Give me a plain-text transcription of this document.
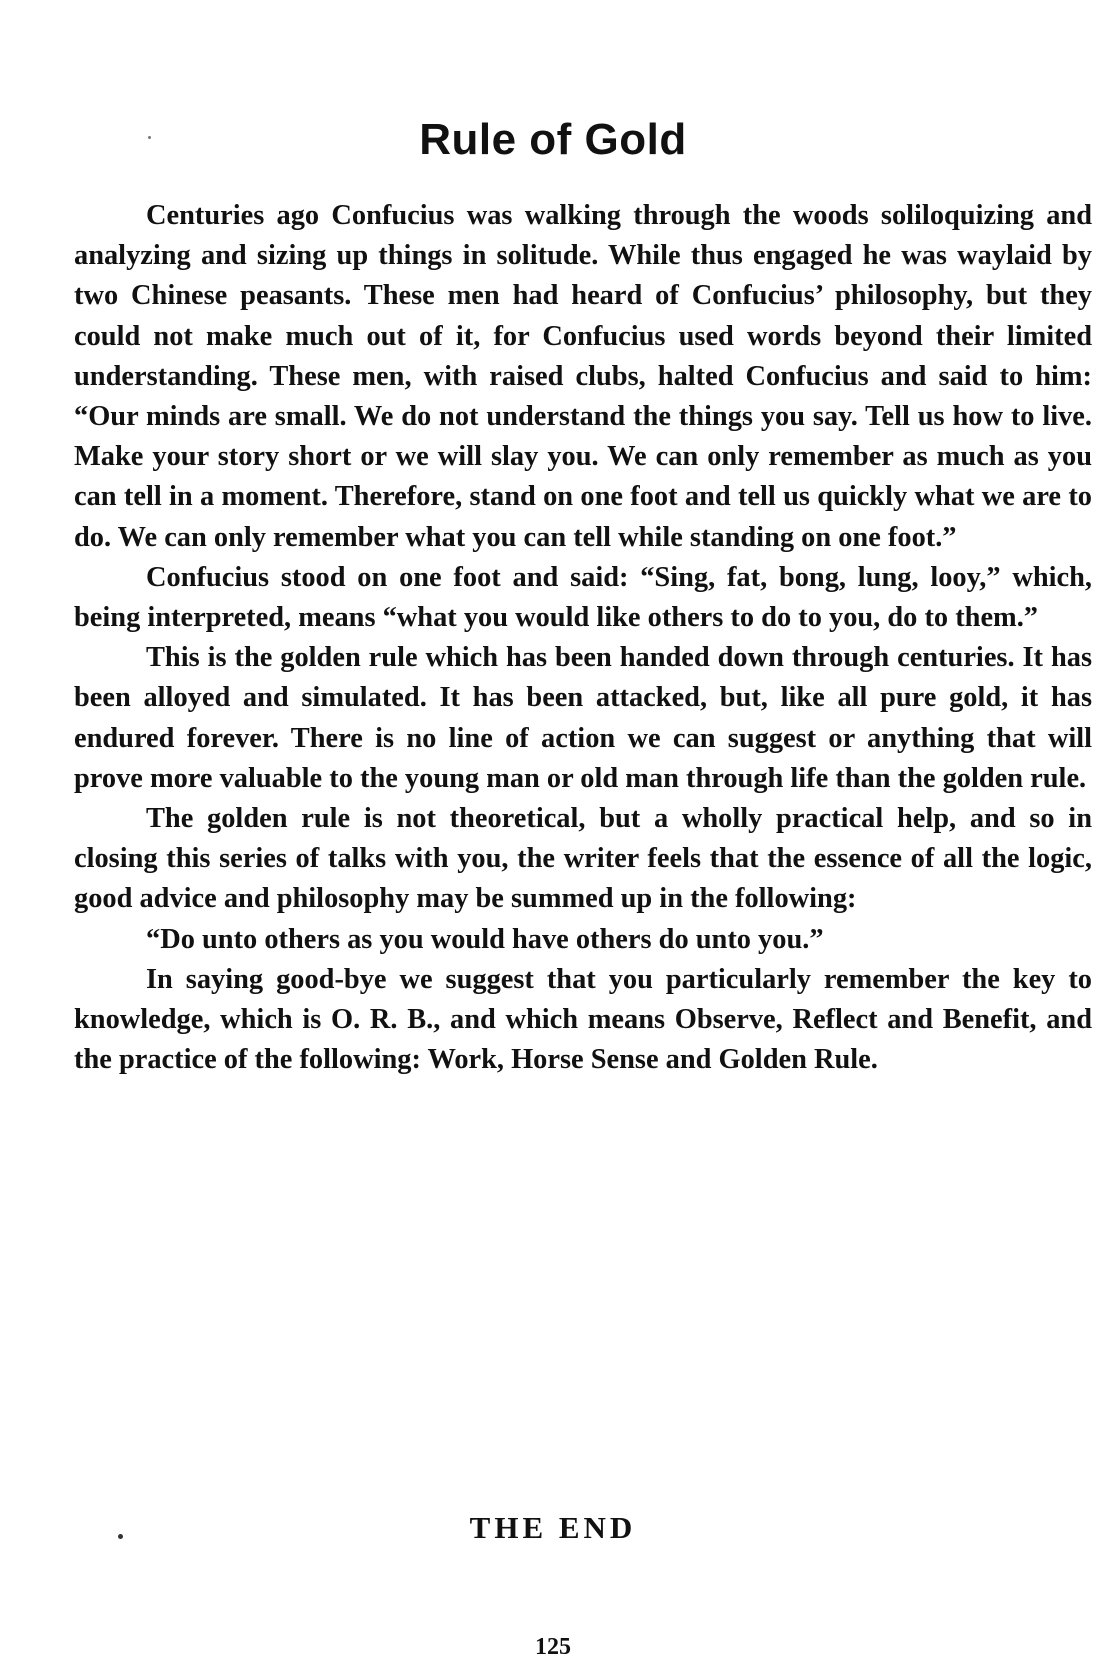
Rule of Gold

Centuries ago Confucius was walking through the woods soliloquizing and analyzing and sizing up things in solitude. While thus engaged he was waylaid by two Chinese peasants. These men had heard of Confucius’ philosophy, but they could not make much out of it, for Confucius used words beyond their limited understanding. These men, with raised clubs, halted Confucius and said to him: “Our minds are small. We do not understand the things you say. Tell us how to live. Make your story short or we will slay you. We can only remember as much as you can tell in a moment. Therefore, stand on one foot and tell us quickly what we are to do. We can only remember what you can tell while standing on one foot.”

Confucius stood on one foot and said: “Sing, fat, bong, lung, looy,” which, being interpreted, means “what you would like others to do to you, do to them.”

This is the golden rule which has been handed down through centuries. It has been alloyed and simulated. It has been attacked, but, like all pure gold, it has endured forever. There is no line of action we can suggest or anything that will prove more valuable to the young man or old man through life than the golden rule.

The golden rule is not theoretical, but a wholly practical help, and so in closing this series of talks with you, the writer feels that the essence of all the logic, good advice and philosophy may be summed up in the following:

“Do unto others as you would have others do unto you.”

In saying good-bye we suggest that you particularly remember the key to knowledge, which is O. R. B., and which means Observe, Reflect and Benefit, and the practice of the following: Work, Horse Sense and Golden Rule.

THE END
125
